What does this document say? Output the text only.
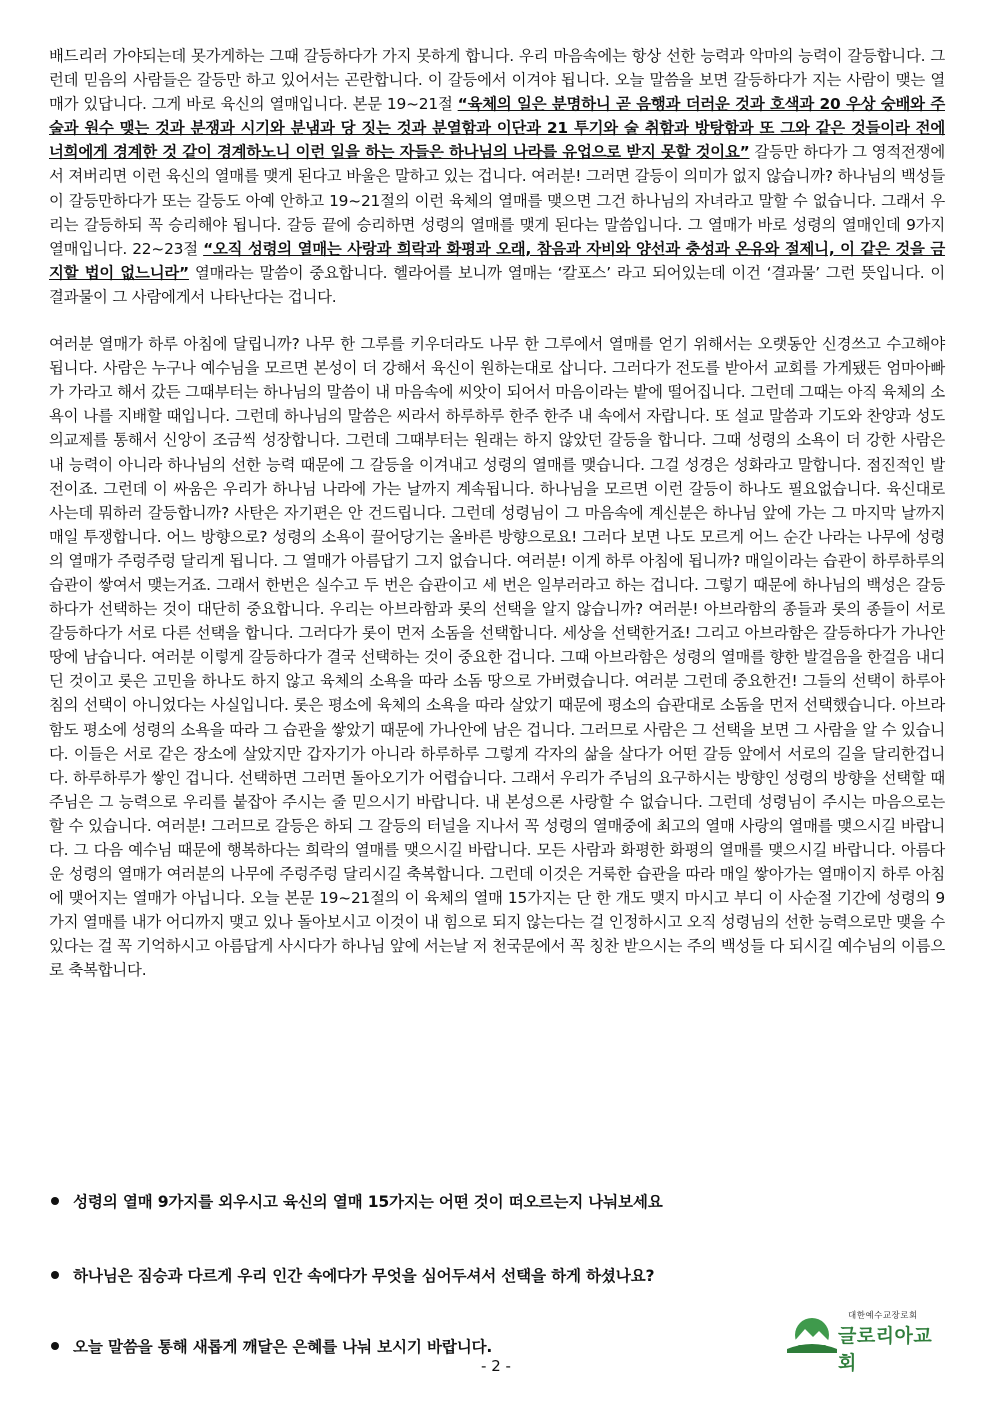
배드리러 가야되는데 못가게하는 그때 갈등하다가 가지 못하게 합니다. 우리 마음속에는 항상 선한 능력과 악마의 능력이 갈등합니다. 그런데 믿음의 사람들은 갈등만 하고 있어서는 곤란합니다. 이 갈등에서 이겨야 됩니다. 오늘 말씀을 보면 갈등하다가 지는 사람이 맺는 열매가 있답니다. 그게 바로 육신의 열매입니다. 본문 19~21절 “육체의 일은 분명하니 곧 음행과 더러운 것과 호색과 20 우상 숭배와 주술과 원수 맺는 것과 분쟁과 시기와 분냄과 당 짓는 것과 분열함과 이단과 21 투기와 술 취함과 방탕함과 또 그와 같은 것들이라 전에 너희에게 경계한 것 같이 경계하노니 이런 일을 하는 자들은 하나님의 나라를 유업으로 받지 못할 것이요” 갈등만 하다가 그 영적전쟁에서 져버리면 이런 육신의 열매를 맺게 된다고 바울은 말하고 있는 겁니다. 여러분! 그러면 갈등이 의미가 없지 않습니까? 하나님의 백성들이 갈등만하다가 또는 갈등도 아예 안하고 19~21절의 이런 육체의 열매를 맺으면 그건 하나님의 자녀라고 말할 수 없습니다. 그래서 우리는 갈등하되 꼭 승리해야 됩니다. 갈등 끝에 승리하면 성령의 열매를 맺게 된다는 말씀입니다. 그 열매가 바로 성령의 열매인데 9가지 열매입니다. 22~23절 “오직 성령의 열매는 사랑과 희락과 화평과 오래, 참음과 자비와 양선과 충성과 온유와 절제니, 이 같은 것을 금지할 법이 없느니라” 열매라는 말씀이 중요합니다. 헬라어를 보니까 열매는 ‘칼포스’ 라고 되어있는데 이건 ‘결과물’ 그런 뜻입니다. 이 결과물이 그 사람에게서 나타난다는 겁니다.

여러분 열매가 하루 아침에 달립니까? 나무 한 그루를 키우더라도 나무 한 그루에서 열매를 얻기 위해서는 오랫동안 신경쓰고 수고해야 됩니다. 사람은 누구나 예수님을 모르면 본성이 더 강해서 육신이 원하는대로 삽니다. 그러다가 전도를 받아서 교회를 가게됐든 엄마아빠가 가라고 해서 갔든 그때부터는 하나님의 말씀이 내 마음속에 씨앗이 되어서 마음이라는 밭에 떨어집니다. 그런데 그때는 아직 육체의 소욕이 나를 지배할 때입니다. 그런데 하나님의 말씀은 씨라서 하루하루 한주 한주 내 속에서 자랍니다. 또 설교 말씀과 기도와 찬양과 성도의교제를 통해서 신앙이 조금씩 성장합니다. 그런데 그때부터는 원래는 하지 않았던 갈등을 합니다. 그때 성령의 소욕이 더 강한 사람은 내 능력이 아니라 하나님의 선한 능력 때문에 그 갈등을 이겨내고 성령의 열매를 맺습니다. 그걸 성경은 성화라고 말합니다. 점진적인 발전이죠. 그런데 이 싸움은 우리가 하나님 나라에 가는 날까지 계속됩니다. 하나님을 모르면 이런 갈등이 하나도 필요없습니다. 육신대로 사는데 뭐하러 갈등합니까? 사탄은 자기편은 안 건드립니다. 그런데 성령님이 그 마음속에 계신분은 하나님 앞에 가는 그 마지막 날까지 매일 투쟁합니다. 어느 방향으로? 성령의 소욕이 끌어당기는 올바른 방향으로요! 그러다 보면 나도 모르게 어느 순간 나라는 나무에 성령의 열매가 주렁주렁 달리게 됩니다. 그 열매가 아름답기 그지 없습니다. 여러분! 이게 하루 아침에 됩니까? 매일이라는 습관이 하루하루의 습관이 쌓여서 맺는거죠. 그래서 한번은 실수고 두 번은 습관이고 세 번은 일부러라고 하는 겁니다. 그렇기 때문에 하나님의 백성은 갈등하다가 선택하는 것이 대단히 중요합니다. 우리는 아브라함과 롯의 선택을 알지 않습니까? 여러분! 아브라함의 종들과 롯의 종들이 서로 갈등하다가 서로 다른 선택을 합니다. 그러다가 롯이 먼저 소돔을 선택합니다. 세상을 선택한거죠! 그리고 아브라함은 갈등하다가 가나안 땅에 남습니다. 여러분 이렇게 갈등하다가 결국 선택하는 것이 중요한 겁니다. 그때 아브라함은 성령의 열매를 향한 발걸음을 한걸음 내디딘 것이고 롯은 고민을 하나도 하지 않고 육체의 소욕을 따라 소돔 땅으로 가버렸습니다. 여러분 그런데 중요한건! 그들의 선택이 하루아침의 선택이 아니었다는 사실입니다. 롯은 평소에 육체의 소욕을 따라 살았기 때문에 평소의 습관대로 소돔을 먼저 선택했습니다. 아브라함도 평소에 성령의 소욕을 따라 그 습관을 쌓았기 때문에 가나안에 남은 겁니다. 그러므로 사람은 그 선택을 보면 그 사람을 알 수 있습니다. 이들은 서로 같은 장소에 살았지만 갑자기가 아니라 하루하루 그렇게 각자의 삶을 살다가 어떤 갈등 앞에서 서로의 길을 달리한겁니다. 하루하루가 쌓인 겁니다. 선택하면 그러면 돌아오기가 어렵습니다. 그래서 우리가 주님의 요구하시는 방향인 성령의 방향을 선택할 때 주님은 그 능력으로 우리를 붙잡아 주시는 줄 믿으시기 바랍니다. 내 본성으론 사랑할 수 없습니다. 그런데 성령님이 주시는 마음으로는 할 수 있습니다. 여러분! 그러므로 갈등은 하되 그 갈등의 터널을 지나서 꼭 성령의 열매중에 최고의 열매 사랑의 열매를 맺으시길 바랍니다. 그 다음 예수님 때문에 행복하다는 희락의 열매를 맺으시길 바랍니다. 모든 사람과 화평한 화평의 열매를 맺으시길 바랍니다. 아름다운 성령의 열매가 여러분의 나무에 주렁주렁 달리시길 축복합니다. 그런데 이것은 거룩한 습관을 따라 매일 쌓아가는 열매이지 하루 아침에 맺어지는 열매가 아닙니다. 오늘 본문 19~21절의 이 육체의 열매 15가지는 단 한 개도 맺지 마시고 부디 이 사순절 기간에 성령의 9가지 열매를 내가 어디까지 맺고 있나 돌아보시고 이것이 내 힘으로 되지 않는다는 걸 인정하시고 오직 성령님의 선한 능력으로만 맺을 수 있다는 걸 꼭 기억하시고 아름답게 사시다가 하나님 앞에 서는날 저 천국문에서 꼭 칭찬 받으시는 주의 백성들 다 되시길 예수님의 이름으로 축복합니다.

성령의 열매 9가지를 외우시고 육신의 열매 15가지는 어떤 것이 떠오르는지 나눠보세요
하나님은 짐승과 다르게 우리 인간 속에다가 무엇을 심어두셔서 선택을 하게 하셨나요?
오늘 말씀을 통해 새롭게 깨달은 은혜를 나눠 보시기 바랍니다.
대한예수교장로회
글로리아교회
- 2 -
